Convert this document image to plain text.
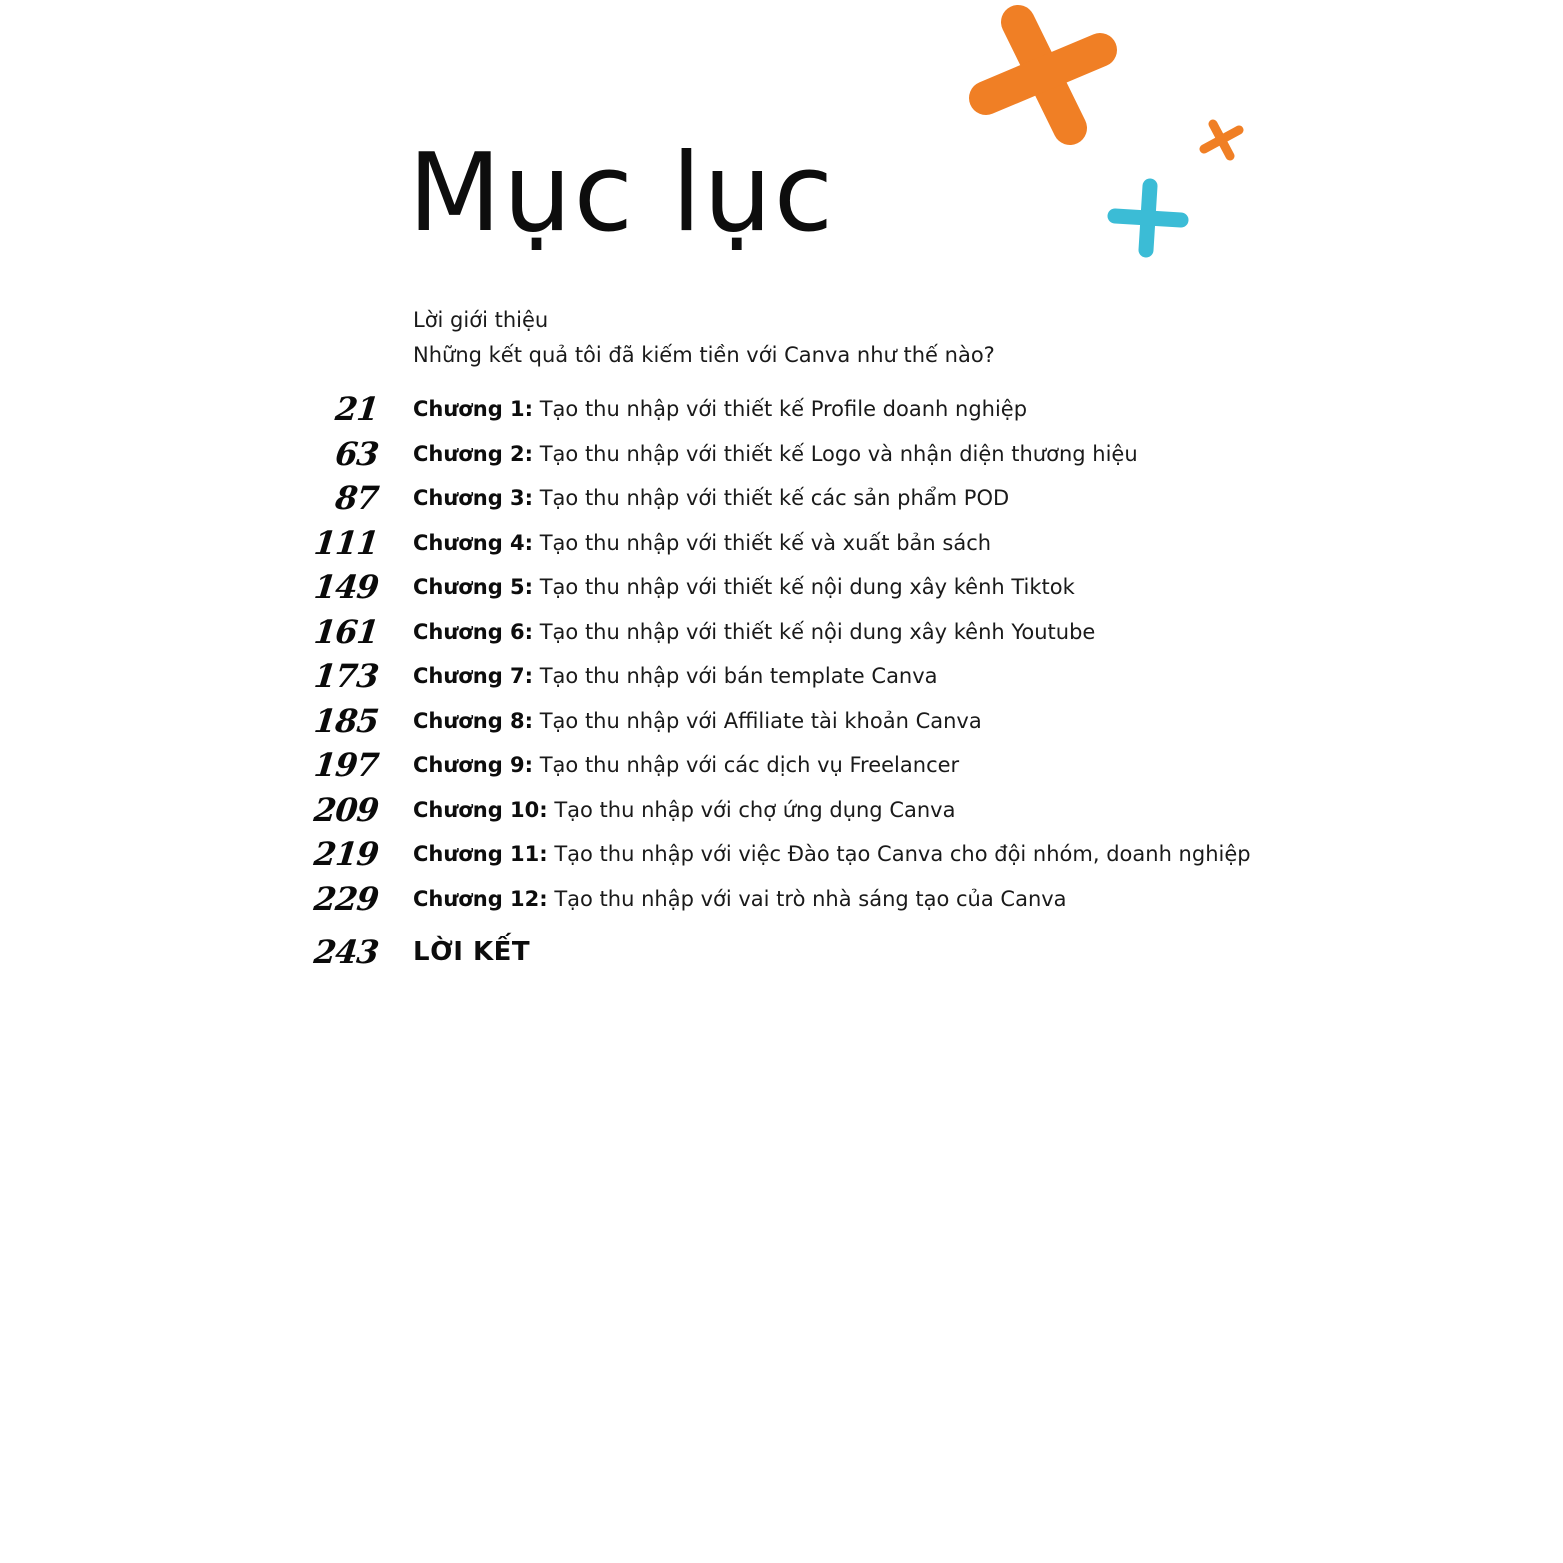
Mục lục

Lời giới thiệu

Những kết quả tôi đã kiếm tiền với Canva như thế nào?

21	Chương 1: Tạo thu nhập với thiết kế Profile doanh nghiệp
63	Chương 2: Tạo thu nhập với thiết kế Logo và nhận diện thương hiệu
87	Chương 3: Tạo thu nhập với thiết kế các sản phẩm POD
111	Chương 4: Tạo thu nhập với thiết kế và xuất bản sách
149	Chương 5: Tạo thu nhập với thiết kế nội dung xây kênh Tiktok
161	Chương 6: Tạo thu nhập với thiết kế nội dung xây kênh Youtube
173	Chương 7: Tạo thu nhập với bán template Canva
185	Chương 8: Tạo thu nhập với Affiliate tài khoản Canva
197	Chương 9: Tạo thu nhập với các dịch vụ Freelancer
209	Chương 10: Tạo thu nhập với chợ ứng dụng Canva
219	Chương 11: Tạo thu nhập với việc Đào tạo Canva cho đội nhóm, doanh nghiệp
229	Chương 12: Tạo thu nhập với vai trò nhà sáng tạo của Canva
243	LỜI KẾT
